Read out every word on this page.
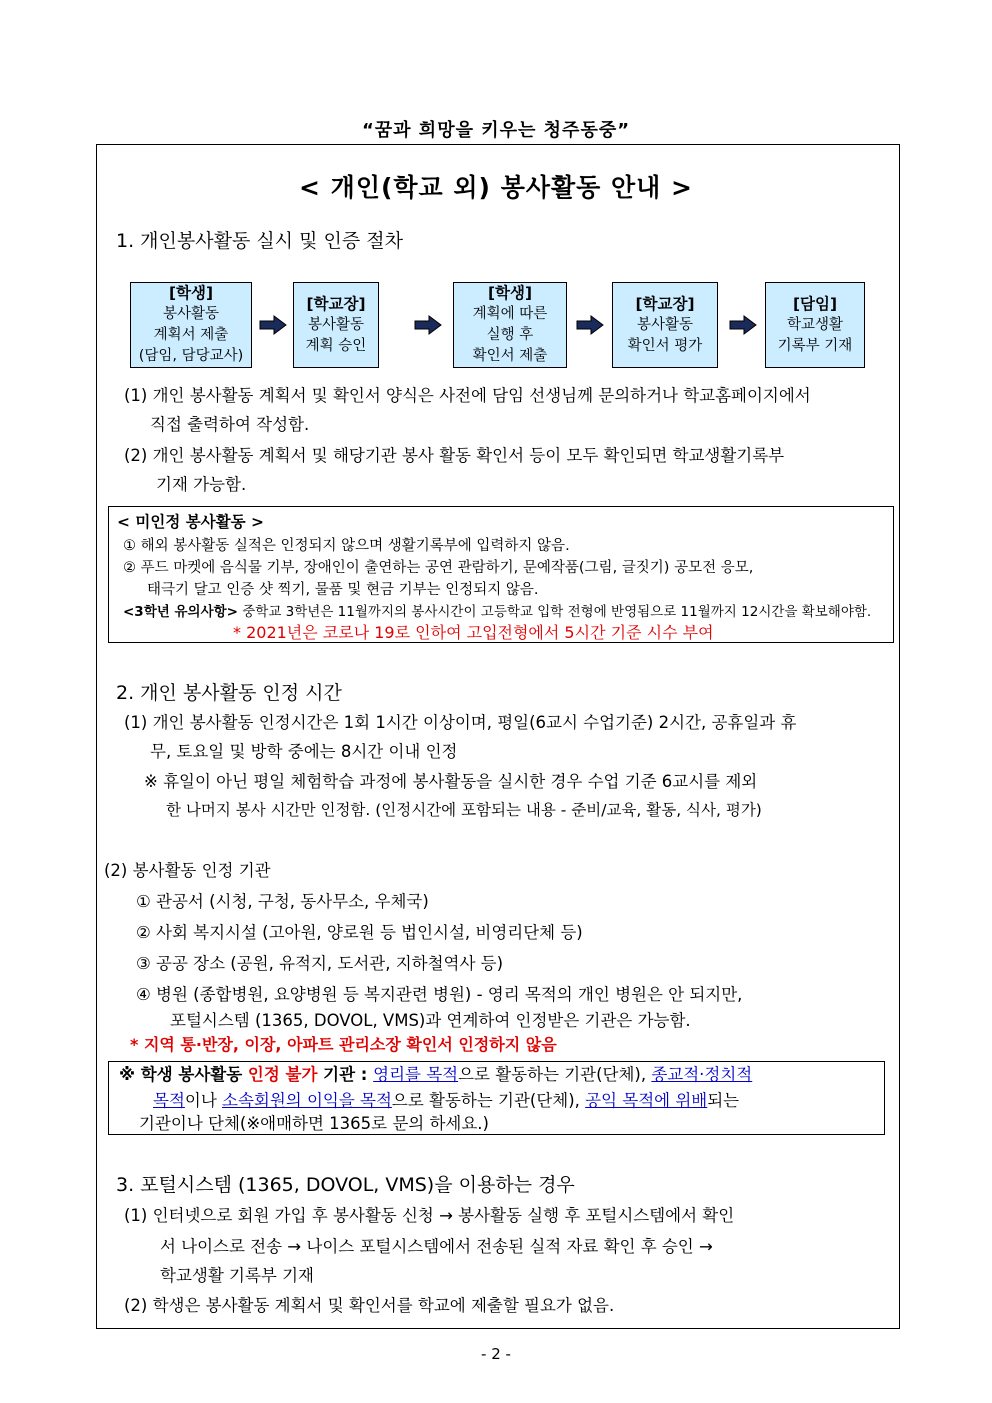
“꿈과 희망을 키우는 청주동중”
< 개인(학교 외) 봉사활동 안내 >
1. 개인봉사활동 실시 및 인증 절차
[학생]
봉사활동
계획서 제출
(담임, 담당교사)
[학교장]
봉사활동
계획 승인
[학생]
계획에 따른
실행 후
확인서 제출
[학교장]
봉사활동
확인서 평가
[담임]
학교생활
기록부 기재
(1) 개인 봉사활동 계획서 및 확인서 양식은 사전에 담임 선생님께 문의하거나 학교홈페이지에서
직접 출력하여 작성함.
(2) 개인 봉사활동 계획서 및 해당기관 봉사 활동 확인서 등이 모두 확인되면 학교생활기록부
기재 가능함.
< 미인정 봉사활동 >
① 해외 봉사활동 실적은 인정되지 않으며 생활기록부에 입력하지 않음.
② 푸드 마켓에 음식물 기부, 장애인이 출연하는 공연 관람하기, 문예작품(그림, 글짓기) 공모전 응모,
태극기 달고 인증 샷 찍기, 물품 및 현금 기부는 인정되지 않음.
<3학년 유의사항> 중학교 3학년은 11월까지의 봉사시간이 고등학교 입학 전형에 반영됨으로 11월까지 12시간을 확보해야함.
* 2021년은 코로나 19로 인하여 고입전형에서 5시간 기준 시수 부여
2. 개인 봉사활동 인정 시간
(1) 개인 봉사활동 인정시간은 1회 1시간 이상이며, 평일(6교시 수업기준) 2시간, 공휴일과 휴
무, 토요일 및 방학 중에는 8시간 이내 인정
※ 휴일이 아닌 평일 체험학습 과정에 봉사활동을 실시한 경우 수업 기준 6교시를 제외
한 나머지 봉사 시간만 인정함. (인정시간에 포함되는 내용 - 준비/교육, 활동, 식사, 평가)
(2) 봉사활동 인정 기관
① 관공서 (시청, 구청, 동사무소, 우체국)
② 사회 복지시설 (고아원, 양로원 등 법인시설, 비영리단체 등)
③ 공공 장소 (공원, 유적지, 도서관, 지하철역사 등)
④ 병원 (종합병원, 요양병원 등 복지관련 병원) - 영리 목적의 개인 병원은 안 되지만,
포털시스템 (1365, DOVOL, VMS)과 연계하여 인정받은 기관은 가능함.
* 지역 통·반장, 이장, 아파트 관리소장 확인서 인정하지 않음
※ 학생 봉사활동 인정 불가 기관 : 영리를 목적으로 활동하는 기관(단체), 종교적·정치적
목적이나 소속회원의 이익을 목적으로 활동하는 기관(단체), 공익 목적에 위배되는
기관이나 단체(※애매하면 1365로 문의 하세요.)
3. 포털시스템 (1365, DOVOL, VMS)을 이용하는 경우
(1) 인터넷으로 회원 가입 후 봉사활동 신청 → 봉사활동 실행 후 포털시스템에서 확인
서 나이스로 전송 → 나이스 포털시스템에서 전송된 실적 자료 확인 후 승인 →
학교생활 기록부 기재
(2) 학생은 봉사활동 계획서 및 확인서를 학교에 제출할 필요가 없음.
- 2 -
